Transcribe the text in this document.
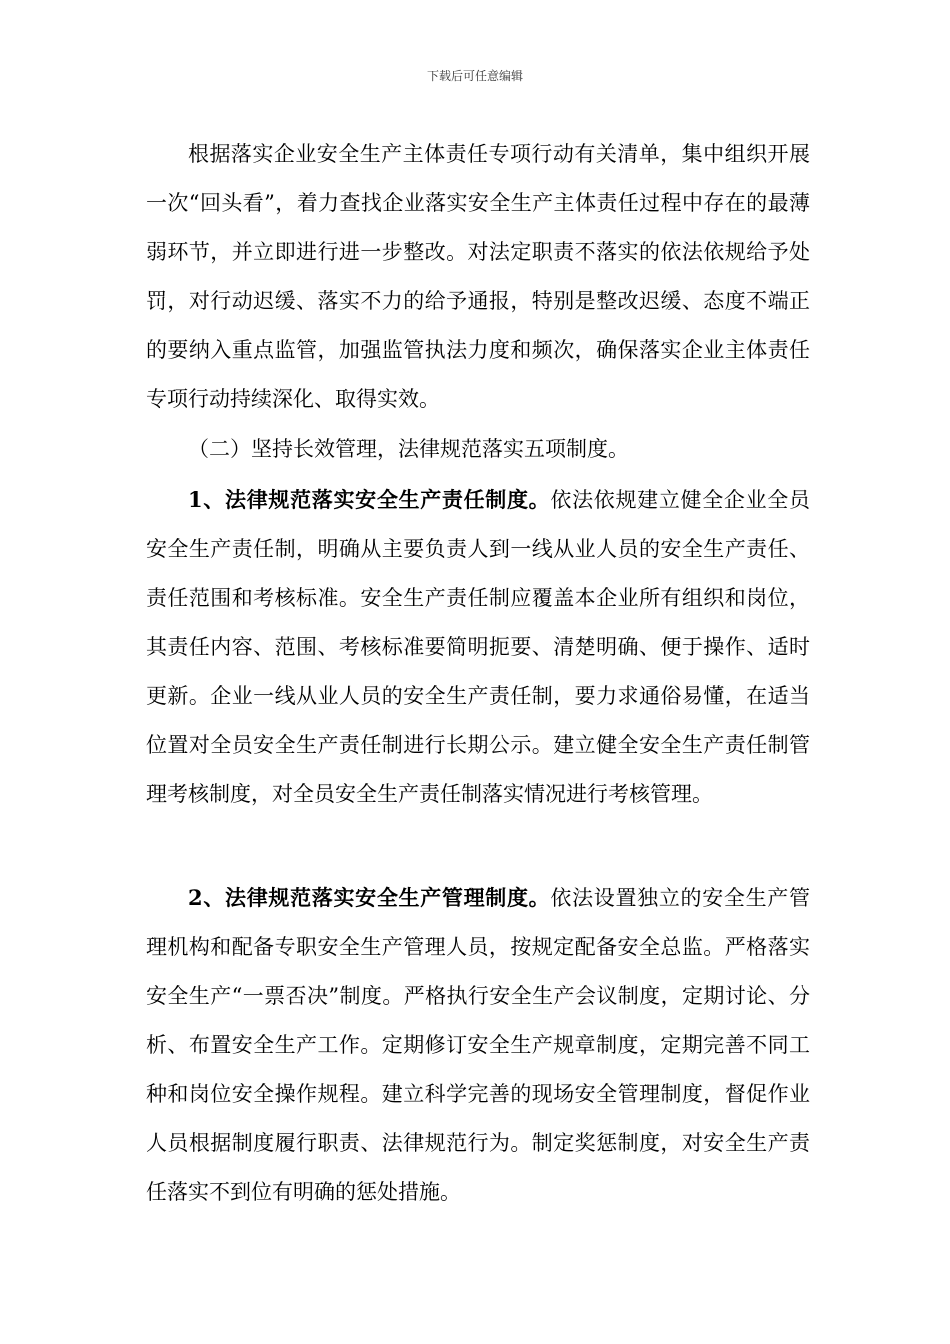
下载后可任意编辑

根据落实企业安全生产主体责任专项行动有关清单，集中组织开展一次“回头看”，着力查找企业落实安全生产主体责任过程中存在的最薄弱环节，并立即进行进一步整改。对法定职责不落实的依法依规给予处罚，对行动迟缓、落实不力的给予通报，特别是整改迟缓、态度不端正的要纳入重点监管，加强监管执法力度和频次，确保落实企业主体责任专项行动持续深化、取得实效。

（二）坚持长效管理，法律规范落实五项制度。

1、法律规范落实安全生产责任制度。依法依规建立健全企业全员安全生产责任制，明确从主要负责人到一线从业人员的安全生产责任、责任范围和考核标准。安全生产责任制应覆盖本企业所有组织和岗位，其责任内容、范围、考核标准要简明扼要、清楚明确、便于操作、适时更新。企业一线从业人员的安全生产责任制，要力求通俗易懂，在适当位置对全员安全生产责任制进行长期公示。建立健全安全生产责任制管理考核制度，对全员安全生产责任制落实情况进行考核管理。

2、法律规范落实安全生产管理制度。依法设置独立的安全生产管理机构和配备专职安全生产管理人员，按规定配备安全总监。严格落实安全生产“一票否决”制度。严格执行安全生产会议制度，定期讨论、分析、布置安全生产工作。定期修订安全生产规章制度，定期完善不同工种和岗位安全操作规程。建立科学完善的现场安全管理制度，督促作业人员根据制度履行职责、法律规范行为。制定奖惩制度，对安全生产责任落实不到位有明确的惩处措施。
